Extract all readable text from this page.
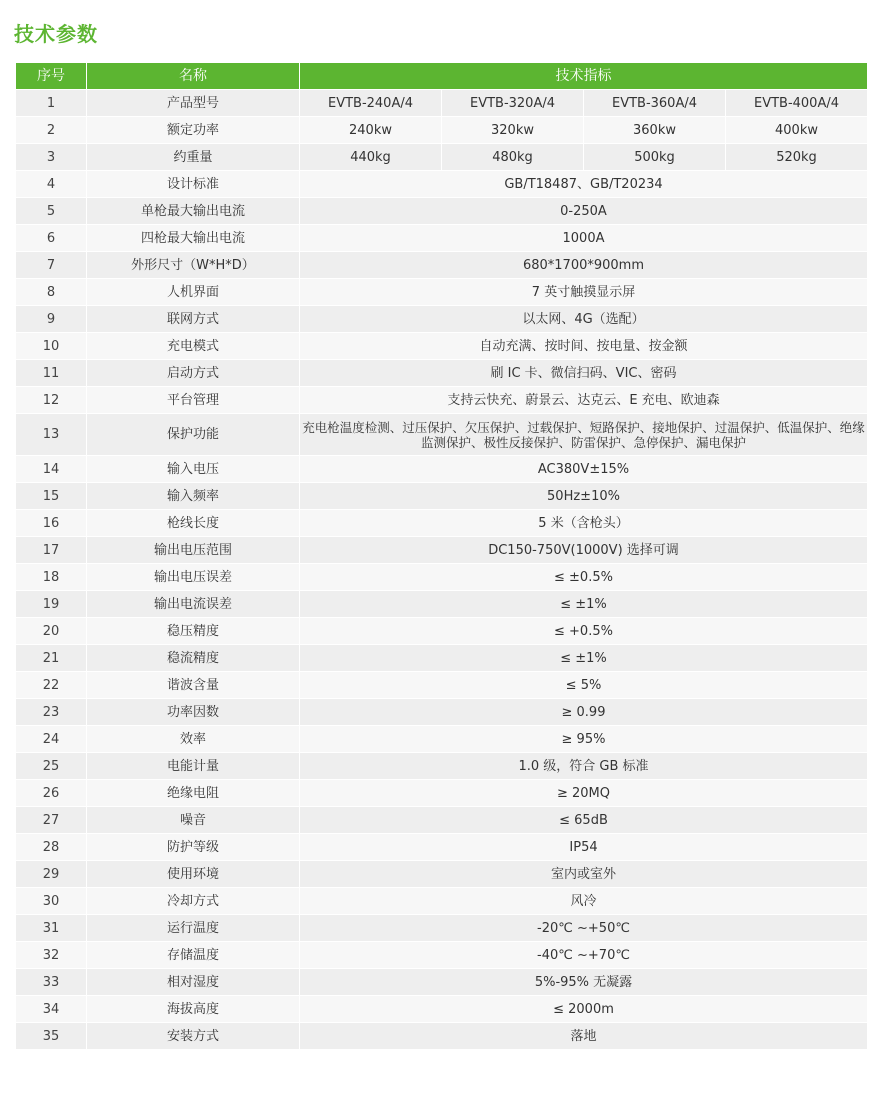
技术参数
序号	名称	技术指标			
1	产品型号	EVTB-240A/4	EVTB-320A/4	EVTB-360A/4	EVTB-400A/4
2	额定功率	240kw	320kw	360kw	400kw
3	约重量	440kg	480kg	500kg	520kg
4	设计标准	GB/T18487、GB/T20234			
5	单枪最大输出电流	0-250A			
6	四枪最大输出电流	1000A			
7	外形尺寸（W*H*D）	680*1700*900mm			
8	人机界面	7 英寸触摸显示屏			
9	联网方式	以太网、4G（选配）			
10	充电模式	自动充满、按时间、按电量、按金额			
11	启动方式	刷 IC 卡、微信扫码、VIC、密码			
12	平台管理	支持云快充、蔚景云、达克云、E 充电、欧迪森			
13	保护功能	充电枪温度检测、过压保护、欠压保护、过载保护、短路保护、接地保护、过温保护、低温保护、绝缘监测保护、极性反接保护、防雷保护、急停保护、漏电保护			
14	输入电压	AC380V±15%			
15	输入频率	50Hz±10%			
16	枪线长度	5 米（含枪头）			
17	输出电压范围	DC150-750V(1000V) 选择可调			
18	输出电压误差	≤ ±0.5%			
19	输出电流误差	≤ ±1%			
20	稳压精度	≤ +0.5%			
21	稳流精度	≤ ±1%			
22	谐波含量	≤ 5%			
23	功率因数	≥ 0.99			
24	效率	≥ 95%			
25	电能计量	1.0 级，符合 GB 标准			
26	绝缘电阻	≥ 20MQ			
27	噪音	≤ 65dB			
28	防护等级	IP54			
29	使用环境	室内或室外			
30	冷却方式	风冷			
31	运行温度	-20℃ ~+50℃			
32	存储温度	-40℃ ~+70℃			
33	相对湿度	5%-95% 无凝露			
34	海拔高度	≤ 2000m			
35	安装方式	落地			
